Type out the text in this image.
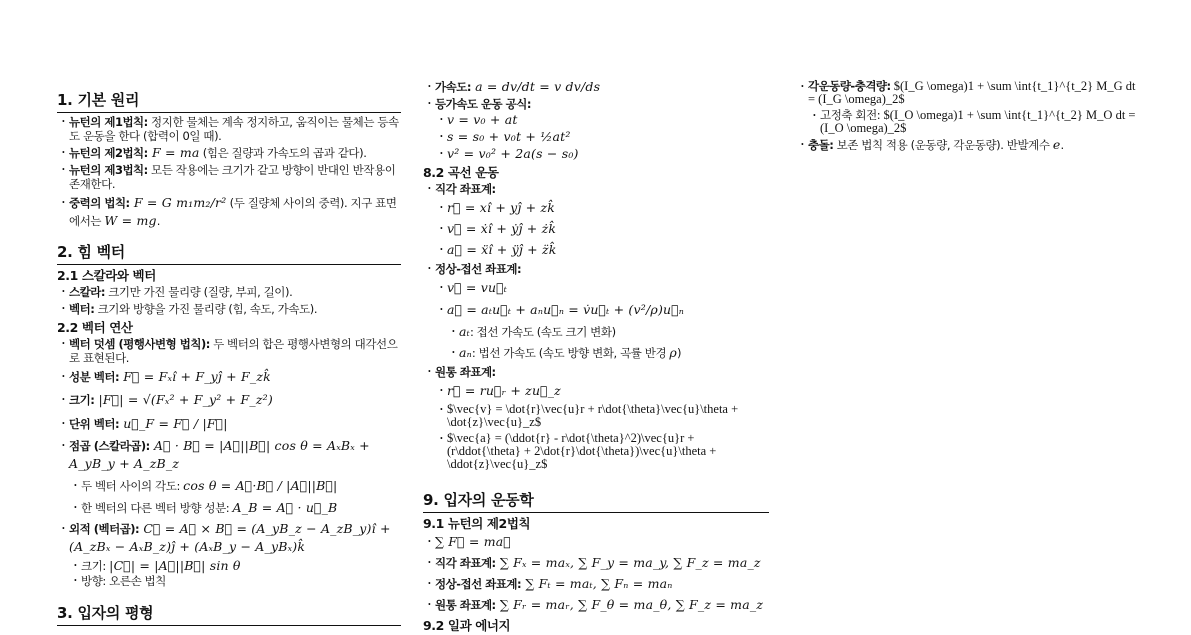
1. 기본 원리
• 뉴턴의 제1법칙: 정지한 물체는 계속 정지하고, 움직이는 물체는 등속도 운동을 한다 (합력이 0일 때).
• 뉴턴의 제2법칙: F = ma (힘은 질량과 가속도의 곱과 같다).
• 뉴턴의 제3법칙: 모든 작용에는 크기가 같고 방향이 반대인 반작용이 존재한다.
• 중력의 법칙: F = G m₁m₂/r² (두 질량체 사이의 중력). 지구 표면에서는 W = mg.
2. 힘 벡터
2.1 스칼라와 벡터
• 스칼라: 크기만 가진 물리량 (질량, 부피, 길이).
• 벡터: 크기와 방향을 가진 물리량 (힘, 속도, 가속도).
2.2 벡터 연산
• 벡터 덧셈 (평행사변형 법칙): 두 벡터의 합은 평행사변형의 대각선으로 표현된다.
• 성분 벡터: F⃗ = Fₓî + F_yĵ + F_zk̂
• 크기: |F⃗| = √(Fₓ² + F_y² + F_z²)
• 단위 벡터: u⃗_F = F⃗ / |F⃗|
• 점곱 (스칼라곱): A⃗ · B⃗ = |A⃗||B⃗| cos θ = AₓBₓ + A_yB_y + A_zB_z
• 두 벡터 사이의 각도: cos θ = A⃗·B⃗ / |A⃗||B⃗|
• 한 벡터의 다른 벡터 방향 성분: A_B = A⃗ · u⃗_B
• 외적 (벡터곱): C⃗ = A⃗ × B⃗ = (A_yB_z − A_zB_y)î + (A_zBₓ − AₓB_z)ĵ + (AₓB_y − A_yBₓ)k̂
• 크기: |C⃗| = |A⃗||B⃗| sin θ
• 방향: 오른손 법칙
3. 입자의 평형
• 가속도: a = dv/dt = v dv/ds
• 등가속도 운동 공식:
• v = v₀ + at
• s = s₀ + v₀t + ½at²
• v² = v₀² + 2a(s − s₀)
8.2 곡선 운동
• 직각 좌표계:
• r⃗ = xî + yĵ + zk̂
• v⃗ = ẋî + ẏĵ + żk̂
• a⃗ = ẍî + ÿĵ + z̈k̂
• 정상-접선 좌표계:
• v⃗ = vu⃗ₜ
• a⃗ = aₜu⃗ₜ + aₙu⃗ₙ = v̇u⃗ₜ + (v²/ρ)u⃗ₙ
• aₜ: 접선 가속도 (속도 크기 변화)
• aₙ: 법선 가속도 (속도 방향 변화, 곡률 반경 ρ)
• 원통 좌표계:
• r⃗ = ru⃗ᵣ + zu⃗_z
• $\vec{v} = \dot{r}\vec{u}r + r\dot{\theta}\vec{u}\theta + \dot{z}\vec{u}_z$
• $\vec{a} = (\ddot{r} - r\dot{\theta}^2)\vec{u}r + (r\ddot{\theta} + 2\dot{r}\dot{\theta})\vec{u}\theta + \ddot{z}\vec{u}_z$
9. 입자의 운동학
9.1 뉴턴의 제2법칙
• ∑ F⃗ = ma⃗
• 직각 좌표계: ∑ Fₓ = maₓ, ∑ F_y = ma_y, ∑ F_z = ma_z
• 정상-접선 좌표계: ∑ Fₜ = maₜ, ∑ Fₙ = maₙ
• 원통 좌표계: ∑ Fᵣ = maᵣ, ∑ F_θ = ma_θ, ∑ F_z = ma_z
9.2 일과 에너지
• 각운동량-충격량: $(I_G \omega)1 + \sum \int{t_1}^{t_2} M_G dt = (I_G \omega)_2$
• 고정축 회전: $(I_O \omega)1 + \sum \int{t_1}^{t_2} M_O dt = (I_O \omega)_2$
• 충돌: 보존 법칙 적용 (운동량, 각운동량). 반발계수 e.
